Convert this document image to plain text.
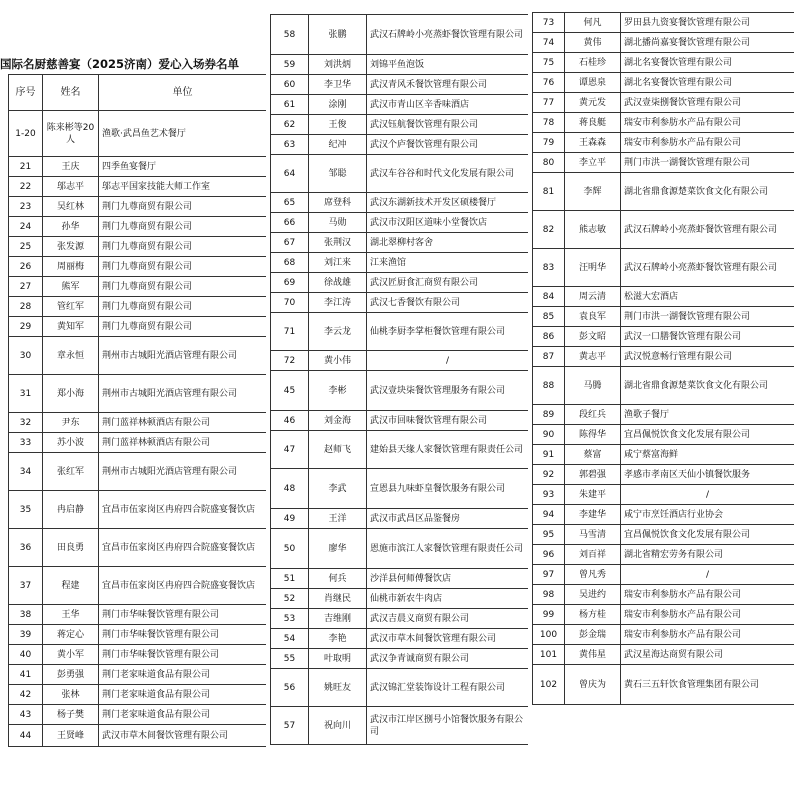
国际名厨慈善宴（2025济南）爱心入场券名单
序号	姓名	单位
1-20	陈来彬等20人	渔歌·武昌鱼艺术餐厅
21	王庆	四季鱼宴餐厅
22	邬志平	邬志平国家技能大师工作室
23	吴红林	荆门九尊商贸有限公司
24	孙华	荆门九尊商贸有限公司
25	张发源	荆门九尊商贸有限公司
26	周丽梅	荆门九尊商贸有限公司
27	熊军	荆门九尊商贸有限公司
28	管红军	荆门九尊商贸有限公司
29	黄知军	荆门九尊商贸有限公司
30	章永恒	荆州市古城阳光酒店管理有限公司
31	郑小海	荆州市古城阳光酒店管理有限公司
32	尹东	荆门蓝祥林顿酒店有限公司
33	苏小波	荆门蓝祥林顿酒店有限公司
34	张红军	荆州市古城阳光酒店管理有限公司
35	冉启静	宜昌市伍家岗区冉府四合院盛宴餐饮店
36	田良勇	宜昌市伍家岗区冉府四合院盛宴餐饮店
37	程建	宜昌市伍家岗区冉府四合院盛宴餐饮店
38	王华	荆门市华味餐饮管理有限公司
39	蒋定心	荆门市华味餐饮管理有限公司
40	黄小军	荆门市华味餐饮管理有限公司
41	彭勇强	荆门老家味道食品有限公司
42	张林	荆门老家味道食品有限公司
43	杨子樊	荆门老家味道食品有限公司
44	王贤峰	武汉市草木间餐饮管理有限公司
58	张鹏	武汉石牌岭小亮蒸虾餐饮管理有限公司
59	刘洪炳	刘锦平鱼泡饭
60	李卫华	武汉青风禾餐饮管理有限公司
61	涂刚	武汉市青山区辛香味酒店
62	王俊	武汉钰航餐饮管理有限公司
63	纪冲	武汉个庐餐饮管理有限公司
64	邹聪	武汉车谷谷和时代文化发展有限公司
65	席登科	武汉东湖新技术开发区硕楼餐厅
66	马勋	武汉市汉阳区道味小堂餐饮店
67	张荆汉	湖北翠柳村客舍
68	刘江来	江来渔馆
69	徐战雄	武汉匠厨食汇商贸有限公司
70	李江涛	武汉七香餐饮有限公司
71	李云龙	仙桃李厨李掌柜餐饮管理有限公司
72	黄小伟	/
45	李彬	武汉壹块柒餐饮管理服务有限公司
46	刘金海	武汉市回味餐饮管理有限公司
47	赵师飞	建始县天缘人家餐饮管理有限责任公司
48	李武	宣恩县九味虾皇餐饮服务有限公司
49	王洋	武汉市武昌区品鉴餐房
50	廖华	恩施市滨江人家餐饮管理有限责任公司
51	何兵	沙洋县何师傅餐饮店
52	肖继民	仙桃市新农牛肉店
53	吉维刚	武汉吉晨义商贸有限公司
54	李艳	武汉市草木间餐饮管理有限公司
55	叶取明	武汉争青诚商贸有限公司
56	姚旺友	武汉锦汇堂装饰设计工程有限公司
57	祝向川	武汉市江岸区捌号小馆餐饮服务有限公司
73	何凡	罗田县九资宴餐饮管理有限公司
74	黄伟	湖北播尚嘉宴餐饮管理有限公司
75	石桂珍	湖北名宴餐饮管理有限公司
76	谭恩泉	湖北名宴餐饮管理有限公司
77	黄元发	武汉壹柒捌餐饮管理有限公司
78	蒋良艇	瑞安市利参肪水产品有限公司
79	王森森	瑞安市利参肪水产品有限公司
80	李立平	荆门市洪一湖餐饮管理有限公司
81	李辉	湖北省鼎食源楚菜饮食文化有限公司
82	熊志敏	武汉石牌岭小亮蒸虾餐饮管理有限公司
83	汪明华	武汉石牌岭小亮蒸虾餐饮管理有限公司
84	周云清	松滋大宏酒店
85	袁良军	荆门市洪一湖餐饮管理有限公司
86	彭文昭	武汉一口膳餐饮管理有限公司
87	黄志平	武汉悦意畅行管理有限公司
88	马腾	湖北省鼎食源楚菜饮食文化有限公司
89	段红兵	渔歌子餐厅
90	陈得华	宜昌佩悦饮食文化发展有限公司
91	蔡富	咸宁蔡富海鲜
92	郭碧强	孝感市孝南区天仙小镇餐饮服务
93	朱建平	/
94	李建华	咸宁市烹饪酒店行业协会
95	马雪清	宜昌佩悦饮食文化发展有限公司
96	刘百祥	湖北省精宏劳务有限公司
97	曾凡秀	/
98	吴进约	瑞安市利参肪水产品有限公司
99	杨方桂	瑞安市利参肪水产品有限公司
100	彭金瑞	瑞安市利参肪水产品有限公司
101	黄伟星	武汉星海达商贸有限公司
102	曾庆为	黄石三五轩饮食管理集团有限公司
